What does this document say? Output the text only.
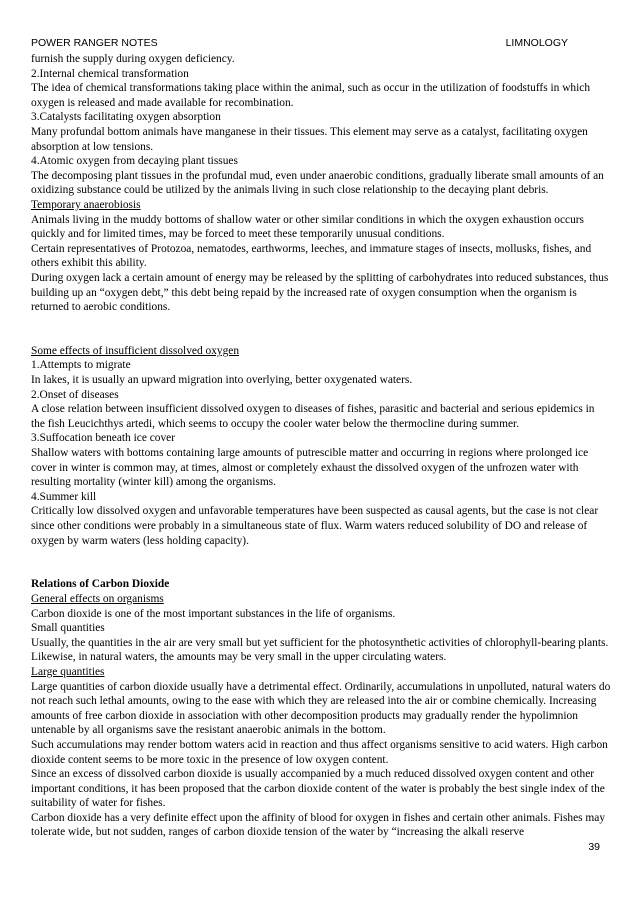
POWER RANGER NOTES	LIMNOLOGY

furnish the supply during oxygen deficiency.

2.Internal chemical transformation

The idea of chemical transformations taking place within the animal, such as occur in the utilization of foodstuffs in which oxygen is released and made available for recombination.

3.Catalysts facilitating oxygen absorption

Many profundal bottom animals have manganese in their tissues. This element may serve as a catalyst, facilitating oxygen absorption at low tensions.

4.Atomic oxygen from decaying plant tissues

The decomposing plant tissues in the profundal mud, even under anaerobic conditions, gradually liberate small amounts of an oxidizing substance could be utilized by the animals living in such close relationship to the decaying plant debris.

Temporary anaerobiosis

Animals living in the muddy bottoms of shallow water or other similar conditions in which the oxygen exhaustion occurs quickly and for limited times, may be forced to meet these temporarily unusual conditions.

Certain representatives of Protozoa, nematodes, earthworms, leeches, and immature stages of insects, mollusks, fishes, and others exhibit this ability.

During oxygen lack a certain amount of energy may be released by the splitting of carbohydrates into reduced substances, thus building up an “oxygen debt,” this debt being repaid by the increased rate of oxygen consumption when the organism is returned to aerobic conditions.

Some effects of insufficient dissolved oxygen

1.Attempts to migrate

In lakes, it is usually an upward migration into overlying, better oxygenated waters.

2.Onset of diseases

A close relation between insufficient dissolved oxygen to diseases of fishes, parasitic and bacterial and serious epidemics in the fish Leucichthys artedi, which seems to occupy the cooler water below the thermocline during summer.

3.Suffocation beneath ice cover

Shallow waters with bottoms containing large amounts of putrescible matter and occurring in regions where prolonged ice cover in winter is common may, at times, almost or completely exhaust the dissolved oxygen of the unfrozen water with resulting mortality (winter kill) among the organisms.

4.Summer kill

Critically low dissolved oxygen and unfavorable temperatures have been suspected as causal agents, but the case is not clear since other conditions were probably in a simultaneous state of flux. Warm waters reduced solubility of DO and release of oxygen by warm waters (less holding capacity).

Relations of Carbon Dioxide

General effects on organisms

Carbon dioxide is one of the most important substances in the life of organisms.

Small quantities

Usually, the quantities in the air are very small but yet sufficient for the photosynthetic activities of chlorophyll-bearing plants. Likewise, in natural waters, the amounts may be very small in the upper circulating waters.

Large quantities

Large quantities of carbon dioxide usually have a detrimental effect. Ordinarily, accumulations in unpolluted, natural waters do not reach such lethal amounts, owing to the ease with which they are released into the air or combine chemically. Increasing amounts of free carbon dioxide in association with other decomposition products may gradually render the hypolimnion untenable by all organisms save the resistant anaerobic animals in the bottom.

Such accumulations may render bottom waters acid in reaction and thus affect organisms sensitive to acid waters. High carbon dioxide content seems to be more toxic in the presence of low oxygen content.

Since an excess of dissolved carbon dioxide is usually accompanied by a much reduced dissolved oxygen content and other important conditions, it has been proposed that the carbon dioxide content of the water is probably the best single index of the suitability of water for fishes.

Carbon dioxide has a very definite effect upon the affinity of blood for oxygen in fishes and certain other animals. Fishes may tolerate wide, but not sudden, ranges of carbon dioxide tension of the water by “increasing the alkali reserve

39
